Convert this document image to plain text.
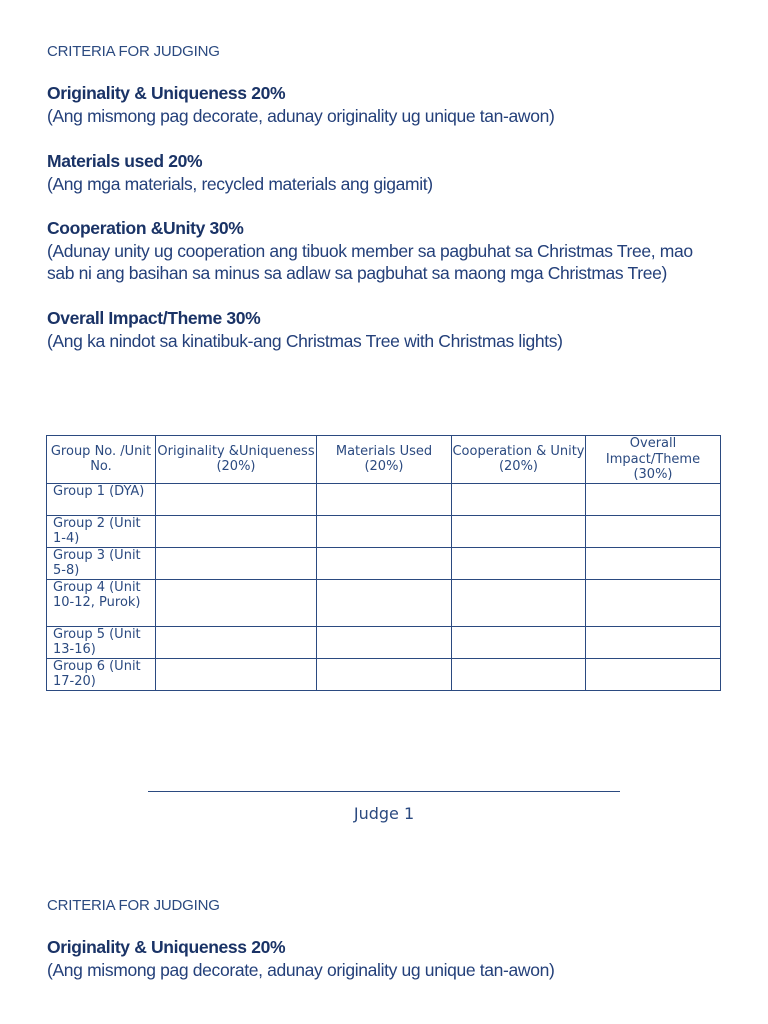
CRITERIA FOR JUDGING
Originality & Uniqueness 20%
(Ang mismong pag decorate, adunay originality ug unique tan-awon)
Materials used 20%
(Ang mga materials, recycled materials ang gigamit)
Cooperation &Unity 30%
(Adunay unity ug cooperation ang tibuok member sa pagbuhat sa Christmas Tree, mao sab ni ang basihan sa minus sa adlaw sa pagbuhat sa maong mga Christmas Tree)
Overall Impact/Theme 30%
(Ang ka nindot sa kinatibuk-ang Christmas Tree with Christmas lights)
CRITERIA FOR JUDGING
Originality & Uniqueness 20%
(Ang mismong pag decorate, adunay originality ug unique tan-awon)
Group No. /Unit No.	Originality &Uniqueness (20%)	Materials Used (20%)	Cooperation & Unity (20%)	Overall Impact/Theme (30%)
Group 1 (DYA)				
Group 2 (Unit 1-4)				
Group 3 (Unit 5-8)				
Group 4 (Unit 10-12, Purok)				
Group 5 (Unit 13-16)				
Group 6 (Unit 17-20)				
Judge 1
